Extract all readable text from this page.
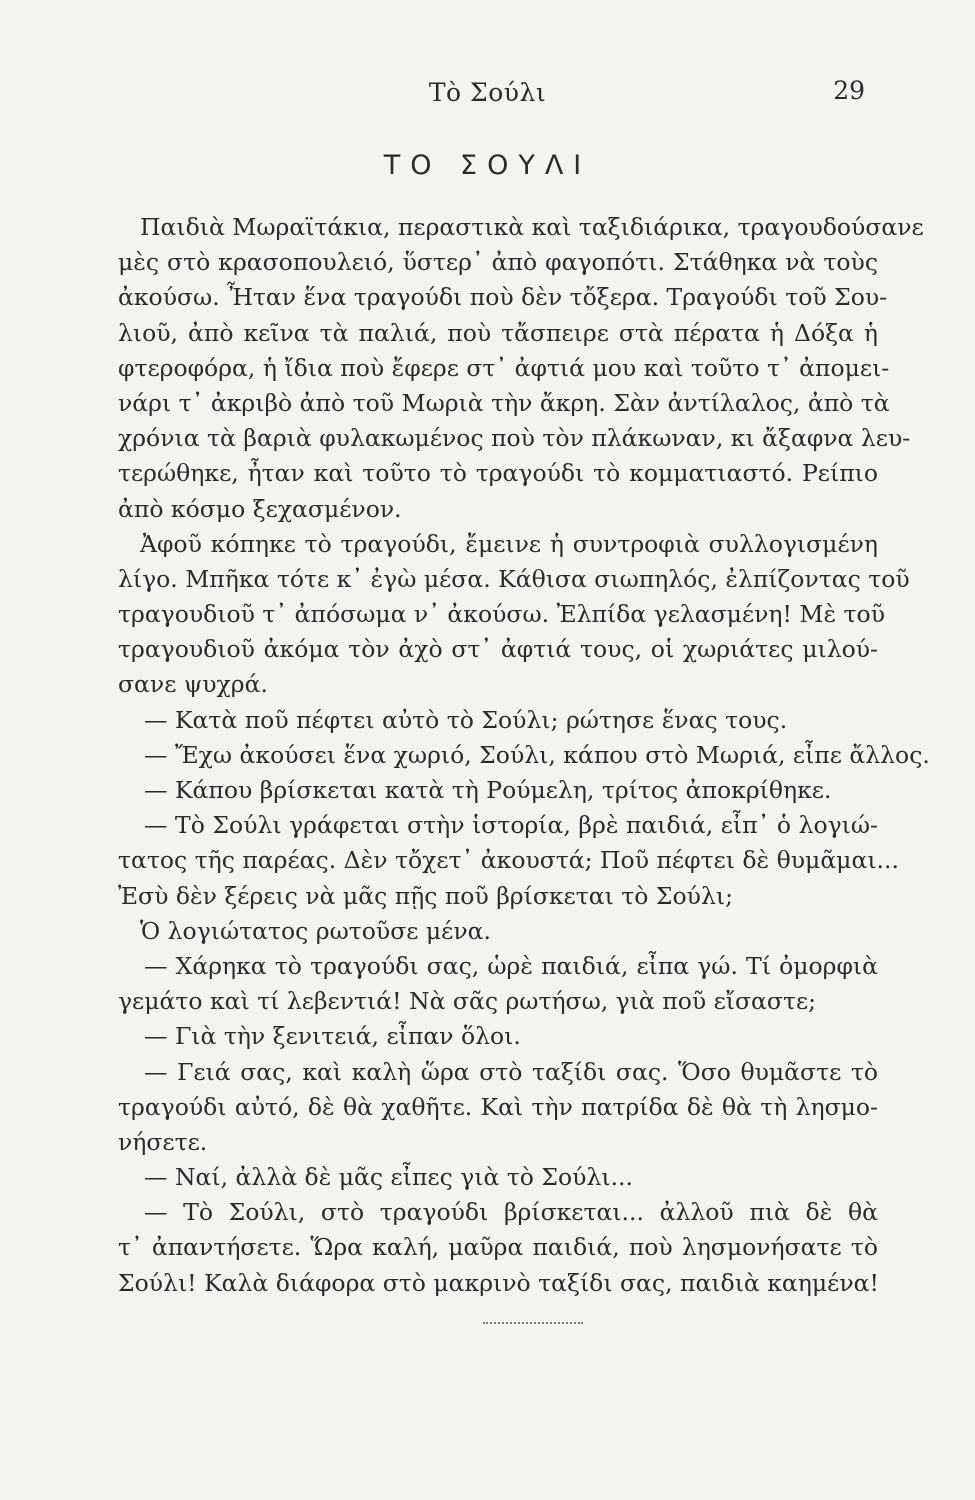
Τὸ Σούλι	29
ΤΟ ΣΟΥΛΙ
Παιδιὰ Μωραϊτάκια, περαστικὰ καὶ ταξιδιάρικα, τραγουδούσανε
μὲς στὸ κρασοπουλειό, ὕστερ᾿ ἀπὸ φαγοπότι. Στάθηκα νὰ τοὺς
ἀκούσω. Ἦταν ἕνα τραγούδι ποὺ δὲν τὄξερα. Τραγούδι τοῦ Σου-
λιοῦ, ἀπὸ κεῖνα τὰ παλιά, ποὺ τἄσπειρε στὰ πέρατα ἡ Δόξα ἡ
φτεροφόρα, ἡ ἴδια ποὺ ἔφερε στ᾿ ἀφτιά μου καὶ τοῦτο τ᾿ ἀπομει-
νάρι τ᾿ ἀκριβὸ ἀπὸ τοῦ Μωριὰ τὴν ἄκρη. Σὰν ἀντίλαλος, ἀπὸ τὰ
χρόνια τὰ βαριὰ φυλακωμένος ποὺ τὸν πλάκωναν, κι ἄξαφνα λευ-
τερώθηκε, ἦταν καὶ τοῦτο τὸ τραγούδι τὸ κομματιαστό. Ρείπιο
ἀπὸ κόσμο ξεχασμένον.
Ἀφοῦ κόπηκε τὸ τραγούδι, ἔμεινε ἡ συντροφιὰ συλλογισμένη
λίγο. Μπῆκα τότε κ᾿ ἐγὼ μέσα. Κάθισα σιωπηλός, ἐλπίζοντας τοῦ
τραγουδιοῦ τ᾿ ἀπόσωμα ν᾿ ἀκούσω. Ἐλπίδα γελασμένη! Μὲ τοῦ
τραγουδιοῦ ἀκόμα τὸν ἀχὸ στ᾿ ἀφτιά τους, οἱ χωριάτες μιλού-
σανε ψυχρά.
— Κατὰ ποῦ πέφτει αὐτὸ τὸ Σούλι; ρώτησε ἕνας τους.
— Ἔχω ἀκούσει ἕνα χωριό, Σούλι, κάπου στὸ Μωριά, εἶπε ἄλλος.
— Κάπου βρίσκεται κατὰ τὴ Ρούμελη, τρίτος ἀποκρίθηκε.
— Τὸ Σούλι γράφεται στὴν ἱστορία, βρὲ παιδιά, εἶπ᾿ ὁ λογιώ-
τατος τῆς παρέας. Δὲν τὄχετ᾿ ἀκουστά; Ποῦ πέφτει δὲ θυμᾶμαι...
Ἐσὺ δὲν ξέρεις νὰ μᾶς πῇς ποῦ βρίσκεται τὸ Σούλι;
Ὁ λογιώτατος ρωτοῦσε μένα.
— Χάρηκα τὸ τραγούδι σας, ὡρὲ παιδιά, εἶπα γώ. Τί ὀμορφιὰ
γεμάτο καὶ τί λεβεντιά! Νὰ σᾶς ρωτήσω, γιὰ ποῦ εἴσαστε;
— Γιὰ τὴν ξενιτειά, εἶπαν ὅλοι.
— Γειά σας, καὶ καλὴ ὥρα στὸ ταξίδι σας. Ὅσο θυμᾶστε τὸ
τραγούδι αὐτό, δὲ θὰ χαθῆτε. Καὶ τὴν πατρίδα δὲ θὰ τὴ λησμο-
νήσετε.
— Ναί, ἀλλὰ δὲ μᾶς εἶπες γιὰ τὸ Σούλι...
— Τὸ Σούλι, στὸ τραγούδι βρίσκεται... ἀλλοῦ πιὰ δὲ θὰ
τ᾿ ἀπαντήσετε. Ὥρα καλή, μαῦρα παιδιά, ποὺ λησμονήσατε τὸ
Σούλι! Καλὰ διάφορα στὸ μακρινὸ ταξίδι σας, παιδιὰ καημένα!
